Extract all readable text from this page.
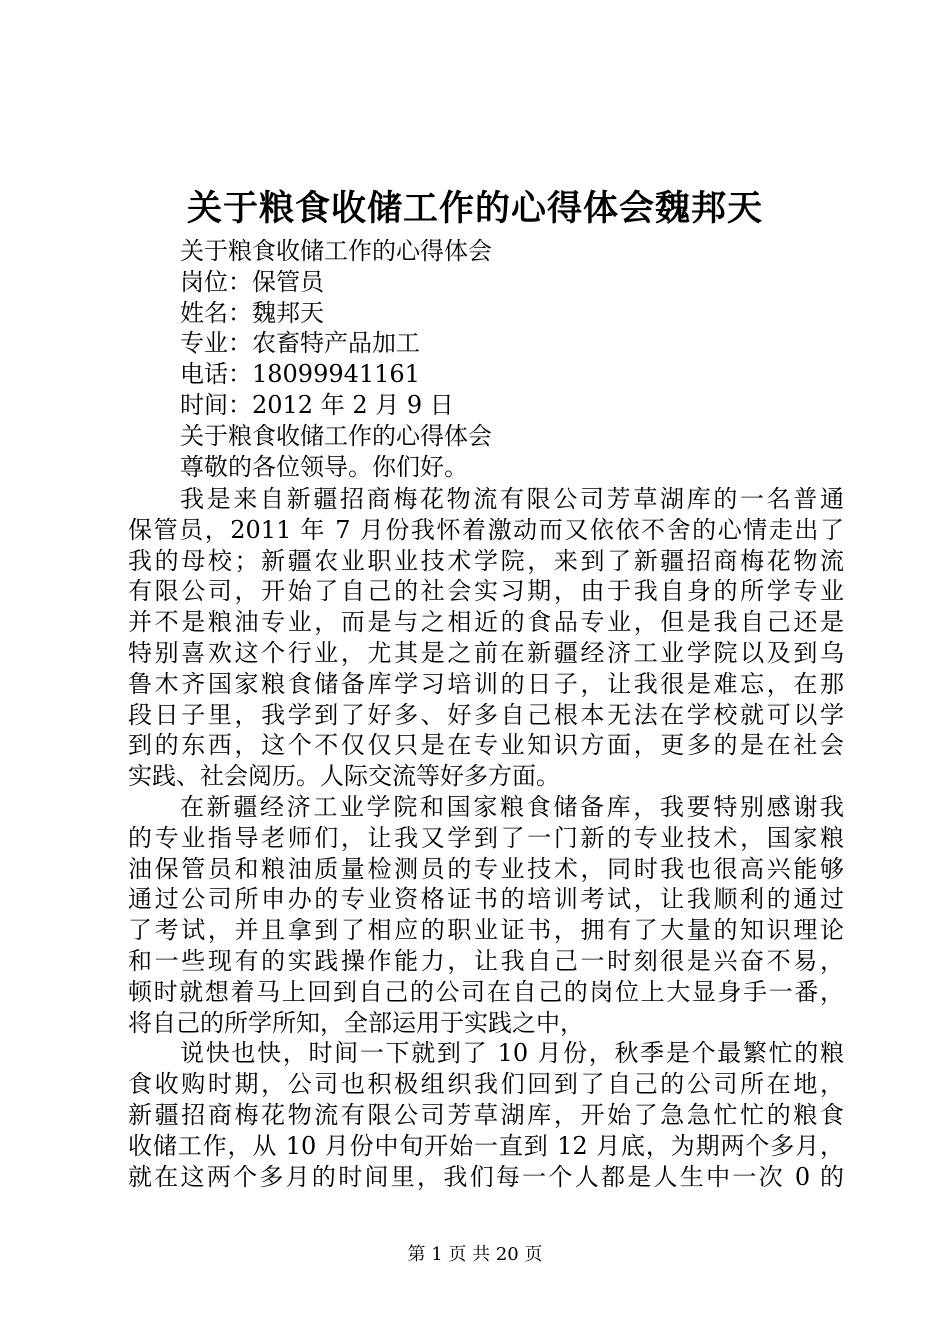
关于粮食收储工作的心得体会魏邦天
关于粮食收储工作的心得体会
岗位：保管员
姓名：魏邦天
专业：农畜特产品加工
电话：18099941161
时间：2012 年 2 月 9 日
关于粮食收储工作的心得体会
尊敬的各位领导。你们好。
我是来自新疆招商梅花物流有限公司芳草湖库的一名普通
保管员，2011 年 7 月份我怀着激动而又依依不舍的心情走出了
我的母校；新疆农业职业技术学院，来到了新疆招商梅花物流
有限公司，开始了自己的社会实习期，由于我自身的所学专业
并不是粮油专业，而是与之相近的食品专业，但是我自己还是
特别喜欢这个行业，尤其是之前在新疆经济工业学院以及到乌
鲁木齐国家粮食储备库学习培训的日子，让我很是难忘，在那
段日子里，我学到了好多、好多自己根本无法在学校就可以学
到的东西，这个不仅仅只是在专业知识方面，更多的是在社会
实践、社会阅历。人际交流等好多方面。
在新疆经济工业学院和国家粮食储备库，我要特别感谢我
的专业指导老师们，让我又学到了一门新的专业技术，国家粮
油保管员和粮油质量检测员的专业技术，同时我也很高兴能够
通过公司所申办的专业资格证书的培训考试，让我顺利的通过
了考试，并且拿到了相应的职业证书，拥有了大量的知识理论
和一些现有的实践操作能力，让我自己一时刻很是兴奋不易，
顿时就想着马上回到自己的公司在自己的岗位上大显身手一番，
将自己的所学所知，全部运用于实践之中，
说快也快，时间一下就到了 10 月份，秋季是个最繁忙的粮
食收购时期，公司也积极组织我们回到了自己的公司所在地，
新疆招商梅花物流有限公司芳草湖库，开始了急急忙忙的粮食
收储工作，从 10 月份中旬开始一直到 12 月底，为期两个多月，
就在这两个多月的时间里，我们每一个人都是人生中一次 0 的
第 1 页 共 20 页
